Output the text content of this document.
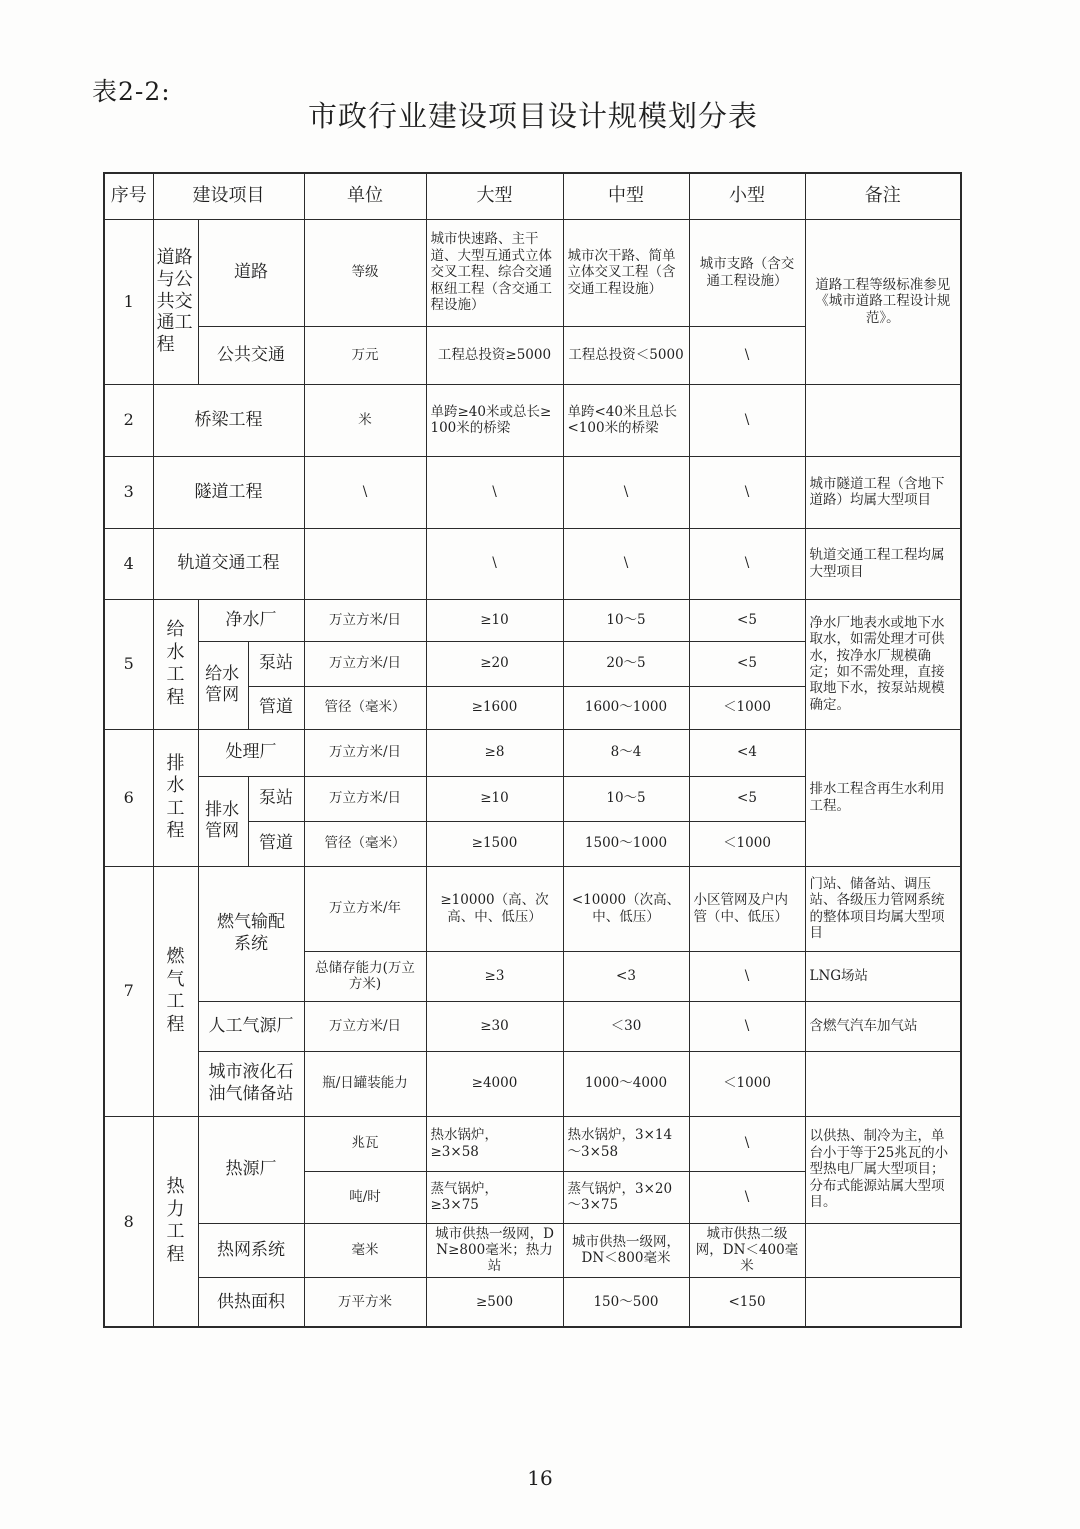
表2-2:
市政行业建设项目设计规模划分表
序号	建设项目			单位	大型	中型	小型	备注
1	道路与公共交通工程	道路		等级	城市快速路、主干道、大型互通式立体交叉工程、综合交通枢纽工程（含交通工程设施）	城市次干路、简单立体交叉工程（含交通工程设施）	城市支路（含交通工程设施）	道路工程等级标准参见《城市道路工程设计规范》。
		公共交通		万元	工程总投资≥5000	工程总投资＜5000	\	
2	桥梁工程			米	单跨≥40米或总长≥100米的桥梁	单跨<40米且总长<100米的桥梁	\	
3	隧道工程			\	\	\	\	城市隧道工程（含地下道路）均属大型项目
4	轨道交通工程				\	\	\	轨道交通工程工程均属大型项目
5	给水工程	净水厂		万立方米/日	≥10	10～5	<5	净水厂地表水或地下水取水，如需处理才可供水，按净水厂规模确定；如不需处理，直接取地下水，按泵站规模确定。
		给水管网	泵站	万立方米/日	≥20	20～5	<5	
			管道	管径（毫米）	≥1600	1600～1000	＜1000	
6	排水工程	处理厂		万立方米/日	≥8	8～4	<4	排水工程含再生水利用工程。
		排水管网	泵站	万立方米/日	≥10	10～5	<5	
			管道	管径（毫米）	≥1500	1500～1000	＜1000	
7	燃气工程	燃气输配系统		万立方米/年	≥10000（高、次高、中、低压）	<10000（次高、中、低压）	小区管网及户内管（中、低压）	门站、储备站、调压站、各级压力管网系统的整体项目均属大型项目
				总储存能力(万立方米)	≥3	<3	\	LNG场站
		人工气源厂		万立方米/日	≥30	＜30	\	含燃气汽车加气站
		城市液化石油气储备站		瓶/日罐装能力	≥4000	1000～4000	＜1000	
8	热力工程	热源厂		兆瓦	热水锅炉，≥3×58	热水锅炉，3×14～3×58	\	以供热、制冷为主，单台小于等于25兆瓦的小型热电厂属大型项目；分布式能源站属大型项目。
				吨/时	蒸气锅炉，≥3×75	蒸气锅炉，3×20～3×75	\	
		热网系统		毫米	城市供热一级网，DN≥800毫米；热力站	城市供热一级网，DN＜800毫米	城市供热二级网，DN＜400毫米	
		供热面积		万平方米	≥500	150～500	<150	
16
